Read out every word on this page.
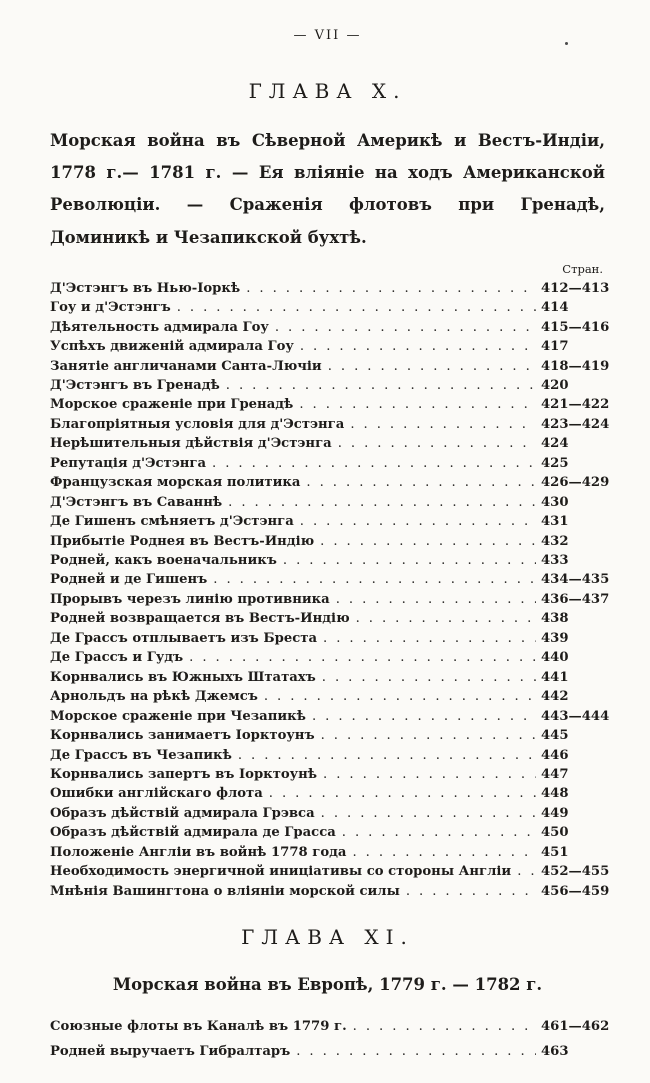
— VII —
ГЛАВА X.

Морская война въ Сѣверной Америкѣ и Вестъ-Индіи, 1778 г.— 1781 г. — Ея вліяніе на ходъ Американской Революціи. — Сраженія флотовъ при Гренадѣ, Доминикѣ и Чезапикской бухтѣ.

Стран.
Д'Эстэнгъ въ Нью-Іоркѣ .....	412—413
Гоу и д'Эстэнгъ .....	414
Дѣятельность адмирала Гоу .....	415—416
Успѣхъ движеній адмирала Гоу .....	417
Занятіе англичанами Санта-Лючіи .....	418—419
Д'Эстэнгъ въ Гренадѣ .....	420
Морское сраженіе при Гренадѣ .....	421—422
Благопріятныя условія для д'Эстэнга .....	423—424
Нерѣшительныя дѣйствія д'Эстэнга .....	424
Репутація д'Эстэнга .....	425
Французская морская политика .....	426—429
Д'Эстэнгъ въ Саваннѣ .....	430
Де Гишенъ смѣняетъ д'Эстэнга .....	431
Прибытіе Роднея въ Вестъ-Индію .....	432
Родней, какъ военачальникъ .....	433
Родней и де Гишенъ .....	434—435
Прорывъ черезъ линію противника .....	436—437
Родней возвращается въ Вестъ-Индію .....	438
Де Грассъ отплываетъ изъ Бреста .....	439
Де Грассъ и Гудъ .....	440
Корнвались въ Южныхъ Штатахъ .....	441
Арнольдъ на рѣкѣ Джемсъ .....	442
Морское сраженіе при Чезапикѣ .....	443—444
Корнвались занимаетъ Іорктоунъ .....	445
Де Грассъ въ Чезапикѣ .....	446
Корнвались запертъ въ Іорктоунѣ .....	447
Ошибки англійскаго флота .....	448
Образъ дѣйствій адмирала Грэвса .....	449
Образъ дѣйствій адмирала де Грасса .....	450
Положеніе Англіи въ войнѣ 1778 года .....	451
Необходимость энергичной иниціативы со стороны Англіи ..... 452—455
Мнѣнія Вашингтона о вліяніи морской силы .....	456—459
ГЛАВА XI.
Морская война въ Европѣ, 1779 г. — 1782 г.
Союзные флоты въ Каналѣ въ 1779 г. .....	461—462
Родней выручаетъ Гибралтаръ .....	463
